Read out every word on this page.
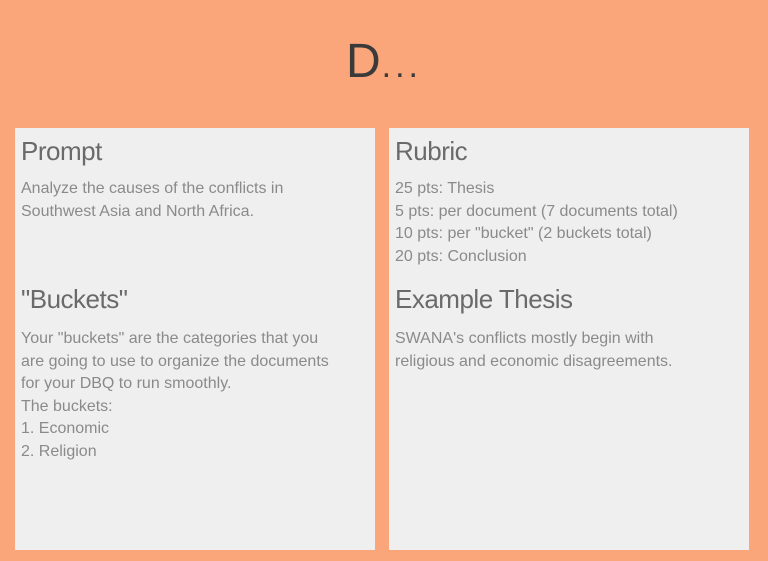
D...
Prompt
Analyze the causes of the conflicts in
Southwest Asia and North Africa.
"Buckets"
Your "buckets" are the categories that you
are going to use to organize the documents
for your DBQ to run smoothly.
The buckets:
1. Economic
2. Religion
Rubric
25 pts: Thesis
5 pts: per document (7 documents total)
10 pts: per "bucket" (2 buckets total)
20 pts: Conclusion
Example Thesis
SWANA's conflicts mostly begin with
religious and economic disagreements.
